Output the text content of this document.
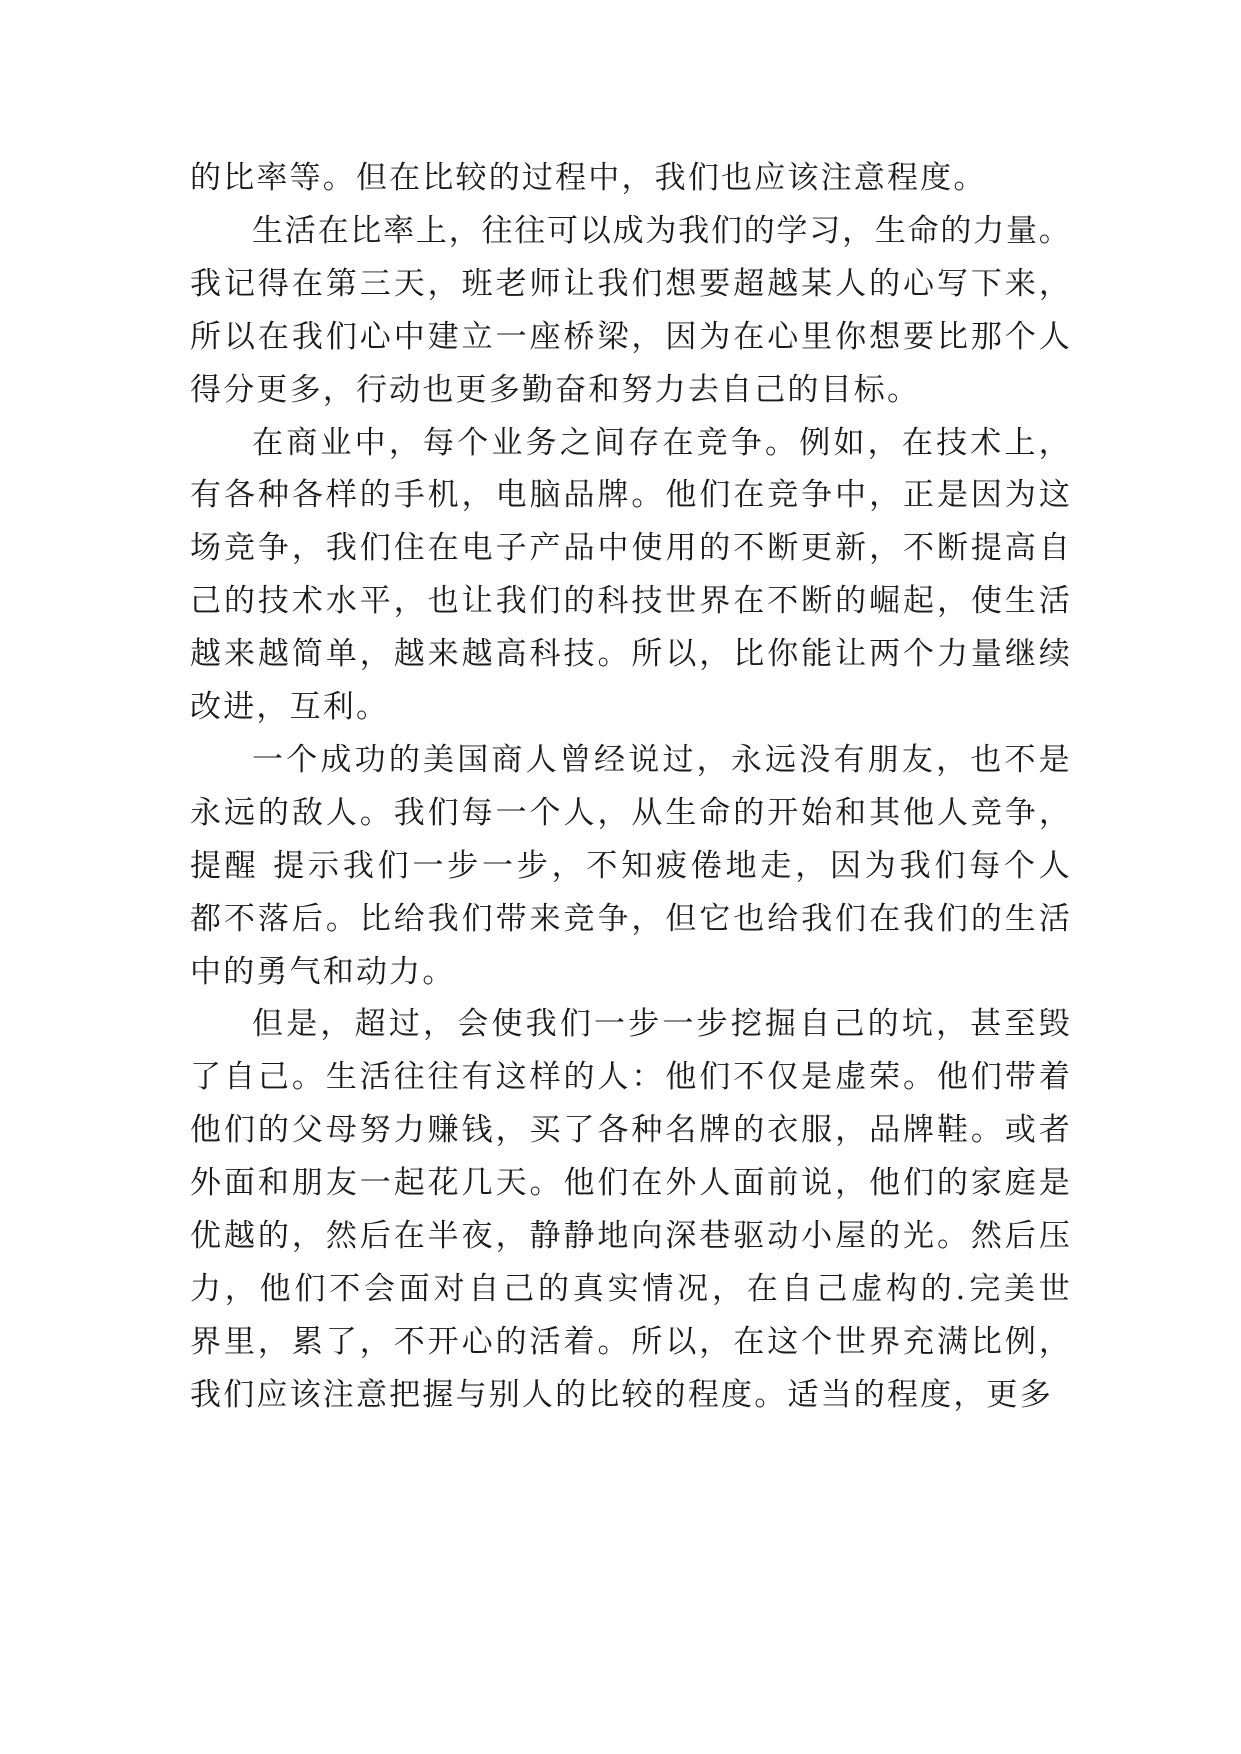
的 比 率 等 。 但 在 比 较 的 过 程 中 ， 我 们 也 应 该 注 意 程 度 。
生 活 在 比 率 上 ， 往 往 可 以 成 为 我 们 的 学 习 ， 生 命 的 力 量 。
我 记 得 在 第 三 天 ， 班 老 师 让 我 们 想 要 超 越 某 人 的 心 写 下 来 ，
所 以 在 我 们 心 中 建 立 一 座 桥 梁 ， 因 为 在 心 里 你 想 要 比 那 个 人
得 分 更 多 ， 行 动 也 更 多 勤 奋 和 努 力 去 自 己 的 目 标 。
在 商 业 中 ， 每 个 业 务 之 间 存 在 竞 争 。 例 如 ， 在 技 术 上 ，
有 各 种 各 样 的 手 机 ， 电 脑 品 牌 。 他 们 在 竞 争 中 ， 正 是 因 为 这
场 竞 争 ， 我 们 住 在 电 子 产 品 中 使 用 的 不 断 更 新 ， 不 断 提 高 自
己 的 技 术 水 平 ， 也 让 我 们 的 科 技 世 界 在 不 断 的 崛 起 ， 使 生 活
越 来 越 简 单 ， 越 来 越 高 科 技 。 所 以 ， 比 你 能 让 两 个 力 量 继 续
改 进 ， 互 利 。
一 个 成 功 的 美 国 商 人 曾 经 说 过 ， 永 远 没 有 朋 友 ， 也 不 是
永 远 的 敌 人 。 我 们 每 一 个 人 ， 从 生 命 的 开 始 和 其 他 人 竞 争 ，
提 醒
提 示 我 们 一 步 一 步 ， 不 知 疲 倦 地 走 ， 因 为 我 们 每 个 人
都 不 落 后 。 比 给 我 们 带 来 竞 争 ， 但 它 也 给 我 们 在 我 们 的 生 活
中 的 勇 气 和 动 力 。
但 是 ， 超 过 ， 会 使 我 们 一 步 一 步 挖 掘 自 己 的 坑 ， 甚 至 毁
了 自 己 。 生 活 往 往 有 这 样 的 人 ： 他 们 不 仅 是 虚 荣 。 他 们 带 着
他 们 的 父 母 努 力 赚 钱 ， 买 了 各 种 名 牌 的 衣 服 ， 品 牌 鞋 。 或 者
外 面 和 朋 友 一 起 花 几 天 。 他 们 在 外 人 面 前 说 ， 他 们 的 家 庭 是
优 越 的 ， 然 后 在 半 夜 ， 静 静 地 向 深 巷 驱 动 小 屋 的 光 。 然 后 压
力 ， 他 们 不 会 面 对 自 己 的 真 实 情 况 ， 在 自 己 虚 构 的 . 完 美 世
界 里 ， 累 了 ， 不 开 心 的 活 着 。 所 以 ， 在 这 个 世 界 充 满 比 例 ，
我 们 应 该 注 意 把 握 与 别 人 的 比 较 的 程 度 。 适 当 的 程 度 ， 更 多
